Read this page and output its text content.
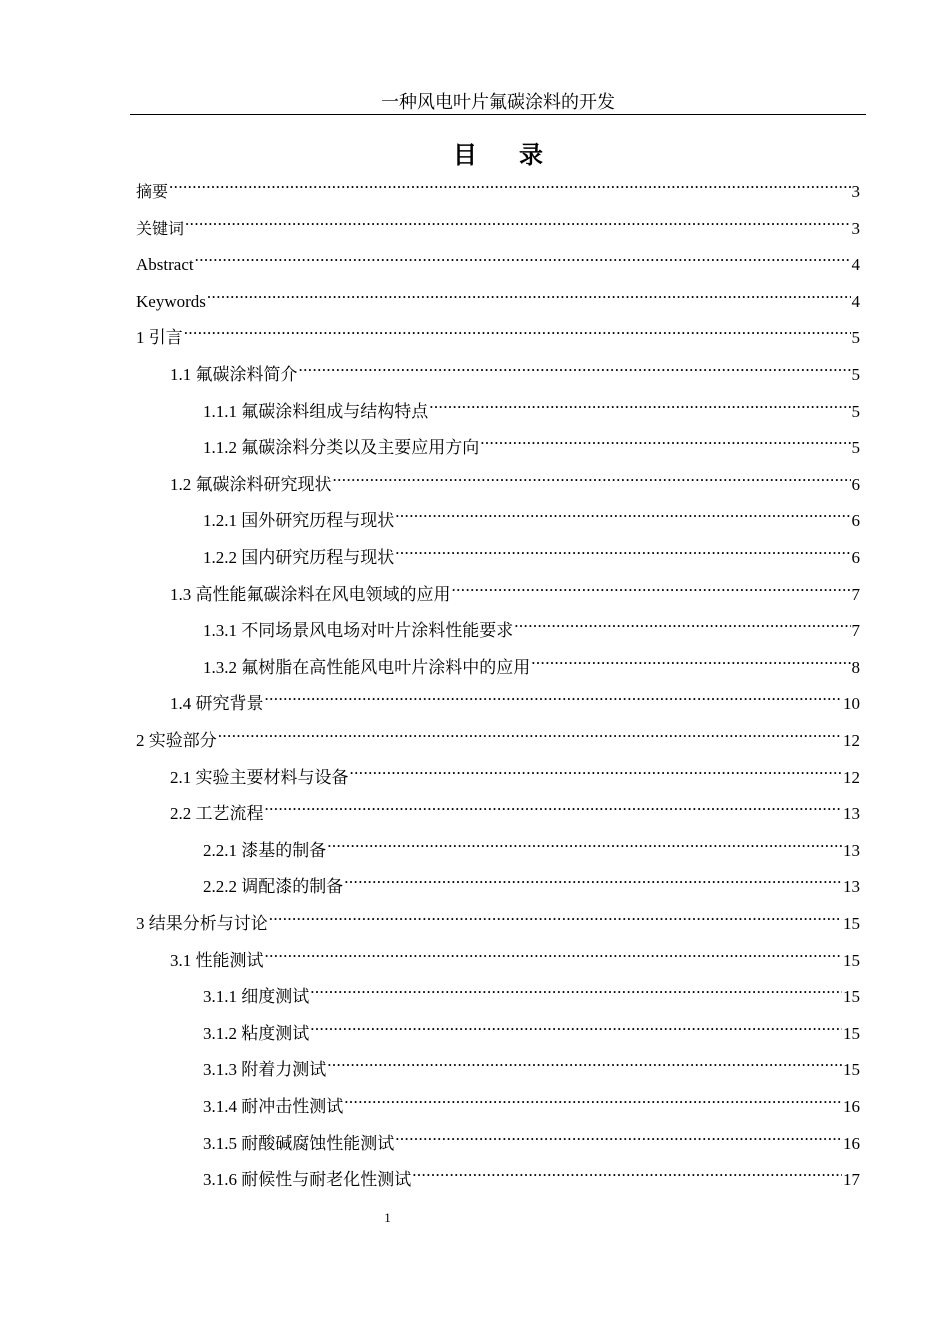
一种风电叶片氟碳涂料的开发
目录
摘要 .....	3
关键词 .....	3
Abstract .....	4
Keywords .....	4
1 引言 .....	5
1.1 氟碳涂料简介 .....	5
1.1.1 氟碳涂料组成与结构特点 .....	5
1.1.2 氟碳涂料分类以及主要应用方向 .....	5
1.2 氟碳涂料研究现状 .....	6
1.2.1 国外研究历程与现状 .....	6
1.2.2 国内研究历程与现状 .....	6
1.3 高性能氟碳涂料在风电领域的应用 .....	7
1.3.1 不同场景风电场对叶片涂料性能要求 .....	7
1.3.2 氟树脂在高性能风电叶片涂料中的应用 .....	8
1.4 研究背景 .....	10
2 实验部分 .....	12
2.1 实验主要材料与设备 .....	12
2.2 工艺流程 .....	13
2.2.1 漆基的制备 .....	13
2.2.2 调配漆的制备 .....	13
3 结果分析与讨论 .....	15
3.1 性能测试 .....	15
3.1.1 细度测试 .....	15
3.1.2 粘度测试 .....	15
3.1.3 附着力测试 .....	15
3.1.4 耐冲击性测试 .....	16
3.1.5 耐酸碱腐蚀性能测试 .....	16
3.1.6 耐候性与耐老化性测试 .....	17
1
